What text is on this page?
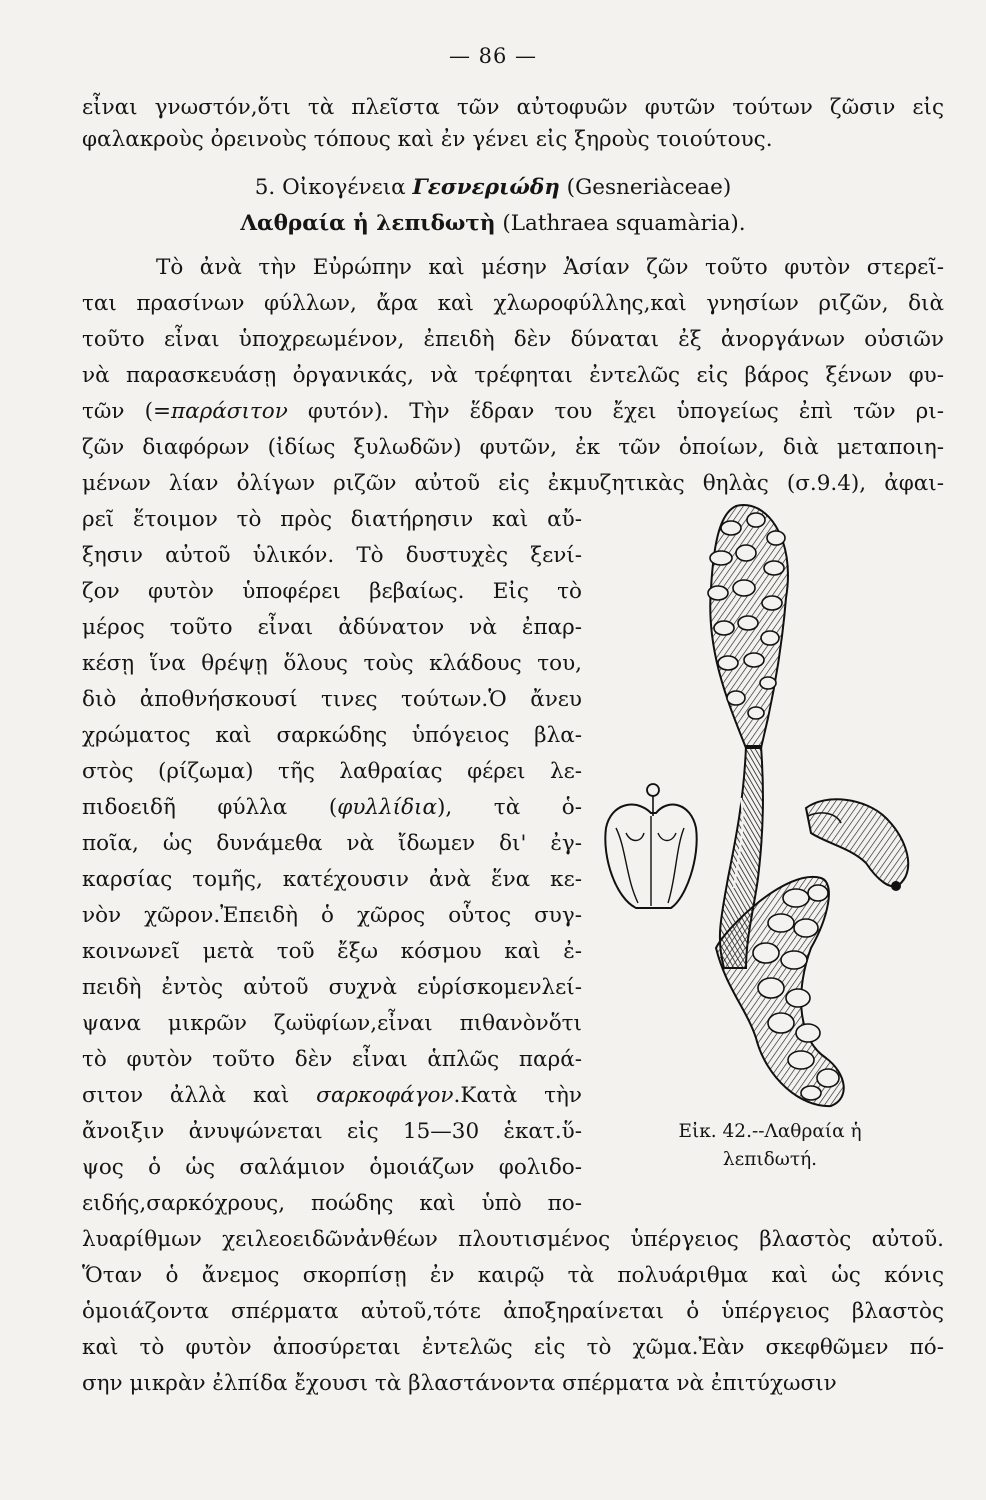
— 86 —
εἶναι γνωστόν,ὅτι τὰ πλεῖστα τῶν αὐτοφυῶν φυτῶν τούτων ζῶσιν εἰς
φαλακροὺς ὀρεινοὺς τόπους καὶ ἐν γένει εἰς ξηροὺς τοιούτους.
5. Οἰκογένεια Γεσνεριώδη (Gesneriàceae)
Λαθραία ἡ λεπιδωτὴ (Lathraea squamària).
Τὸ ἀνὰ τὴν Εὐρώπην καὶ μέσην Ἀσίαν ζῶν τοῦτο φυτὸν στερεῖ-
ται πρασίνων φύλλων, ἄρα καὶ χλωροφύλλης,καὶ γνησίων ριζῶν, διὰ
τοῦτο εἶναι ὑποχρεωμένον, ἐπειδὴ δὲν δύναται ἐξ ἀνοργάνων οὐσιῶν
νὰ παρασκευάσῃ ὀργανικάς, νὰ τρέφηται ἐντελῶς εἰς βάρος ξένων φυ-
τῶν (=παράσιτον φυτόν). Τὴν ἕδραν του ἔχει ὑπογείως ἐπὶ τῶν ρι-
ζῶν διαφόρων (ἰδίως ξυλωδῶν) φυτῶν, ἐκ τῶν ὁποίων, διὰ μεταποιη-
μένων λίαν ὀλίγων ριζῶν αὐτοῦ εἰς ἐκμυζητικὰς θηλὰς (σ.9.4), ἀφαι-
ρεῖ ἕτοιμον τὸ πρὸς διατήρησιν καὶ αὔ-
ξησιν αὐτοῦ ὑλικόν. Τὸ δυστυχὲς ξενί-
ζον φυτὸν ὑποφέρει βεβαίως. Εἰς τὸ
μέρος τοῦτο εἶναι ἀδύνατον νὰ ἐπαρ-
κέσῃ ἵνα θρέψῃ ὅλους τοὺς κλάδους του,
διὸ ἀποθνήσκουσί τινες τούτων.Ὁ ἄνευ
χρώματος καὶ σαρκώδης ὑπόγειος βλα-
στὸς (ρίζωμα) τῆς λαθραίας φέρει λε-
πιδοειδῆ φύλλα (φυλλίδια), τὰ ὁ-
ποῖα, ὡς δυνάμεθα νὰ ἴδωμεν δι' ἐγ-
καρσίας τομῆς, κατέχουσιν ἀνὰ ἕνα κε-
νὸν χῶρον.Ἐπειδὴ ὁ χῶρος οὗτος συγ-
κοινωνεῖ μετὰ τοῦ ἔξω κόσμου καὶ ἐ-
πειδὴ ἐντὸς αὐτοῦ συχνὰ εὑρίσκομενλεί-
ψανα μικρῶν ζωϋφίων,εἶναι πιθανὸνὅτι
τὸ φυτὸν τοῦτο δὲν εἶναι ἁπλῶς παρά-
σιτον ἀλλὰ καὶ σαρκοφάγον.Κατὰ τὴν
ἄνοιξιν ἀνυψώνεται εἰς 15—30 ἑκατ.ὕ-
ψος ὁ ὡς σαλάμιον ὁμοιάζων φολιδο-
ειδής,σαρκόχρους, ποώδης καὶ ὑπὸ πο-
λυαρίθμων χειλεοειδῶνἀνθέων πλουτισμένος ὑπέργειος βλαστὸς αὐτοῦ.
Ὅταν ὁ ἄνεμος σκορπίσῃ ἐν καιρῷ τὰ πολυάριθμα καὶ ὡς κόνις
ὁμοιάζοντα σπέρματα αὐτοῦ,τότε ἀποξηραίνεται ὁ ὑπέργειος βλαστὸς
καὶ τὸ φυτὸν ἀποσύρεται ἐντελῶς εἰς τὸ χῶμα.Ἐὰν σκεφθῶμεν πό-
σην μικρὰν ἐλπίδα ἔχουσι τὰ βλαστάνοντα σπέρματα νὰ ἐπιτύχωσιν
Εἰκ. 42.--Λαθραία ἡ
λεπιδωτή.
